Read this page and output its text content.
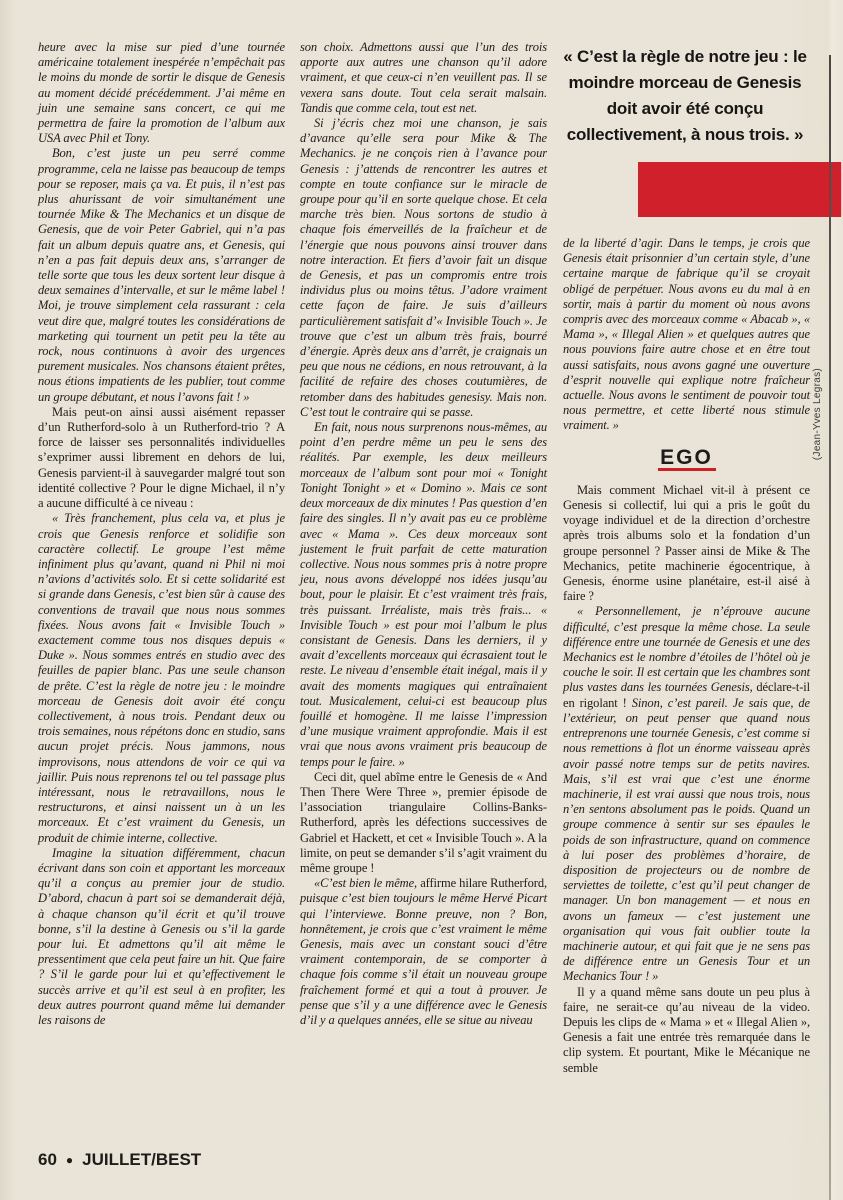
heure avec la mise sur pied d’une tournée américaine totalement inespérée n’empêchait pas le moins du monde de sortir le disque de Genesis au moment décidé précédemment. J’ai même en juin une semaine sans concert, ce qui me permettra de faire la promotion de l’album aux USA avec Phil et Tony.

Bon, c’est juste un peu serré comme programme, cela ne laisse pas beaucoup de temps pour se reposer, mais ça va. Et puis, il n’est pas plus ahurissant de voir simultanément une tournée Mike & The Mechanics et un disque de Genesis, que de voir Peter Gabriel, qui n’a pas fait un album depuis quatre ans, et Genesis, qui n’en a pas fait depuis deux ans, s’arranger de telle sorte que tous les deux sortent leur disque à deux semaines d’intervalle, et sur le même label ! Moi, je trouve simplement cela rassurant : cela veut dire que, malgré toutes les considérations de marketing qui tournent un petit peu la tête au rock, nous continuons à avoir des urgences purement musicales. Nos chansons étaient prêtes, nous étions impatients de les publier, tout comme un groupe débutant, et nous l’avons fait ! »

Mais peut-on ainsi aussi aisément repasser d’un Rutherford-solo à un Rutherford-trio ? A force de laisser ses personnalités individuelles s’exprimer aussi librement en dehors de lui, Genesis parvient-il à sauvegarder malgré tout son identité collective ? Pour le digne Michael, il n’y a aucune difficulté à ce niveau :

« Très franchement, plus cela va, et plus je crois que Genesis renforce et solidifie son caractère collectif. Le groupe l’est même infiniment plus qu’avant, quand ni Phil ni moi n’avions d’activités solo. Et si cette solidarité est si grande dans Genesis, c’est bien sûr à cause des conventions de travail que nous nous sommes fixées. Nous avons fait « Invisible Touch » exactement comme tous nos disques depuis « Duke ». Nous sommes entrés en studio avec des feuilles de papier blanc. Pas une seule chanson de prête. C’est la règle de notre jeu : le moindre morceau de Genesis doit avoir été conçu collectivement, à nous trois. Pendant deux ou trois semaines, nous répétons donc en studio, sans aucun projet précis. Nous jammons, nous improvisons, nous attendons de voir ce qui va jaillir. Puis nous reprenons tel ou tel passage plus intéressant, nous le retravaillons, nous le restructurons, et ainsi naissent un à un les morceaux. Et c’est vraiment du Genesis, un produit de chimie interne, collective.

Imagine la situation différemment, chacun écrivant dans son coin et apportant les morceaux qu’il a conçus au premier jour de studio. D’abord, chacun à part soi se demanderait déjà, à chaque chanson qu’il écrit et qu’il trouve bonne, s’il la destine à Genesis ou s’il la garde pour lui. Et admettons qu’il ait même le pressentiment que cela peut faire un hit. Que faire ? S’il le garde pour lui et qu’effectivement le succès arrive et qu’il est seul à en profiter, les deux autres pourront quand même lui demander les raisons de

son choix. Admettons aussi que l’un des trois apporte aux autres une chanson qu’il adore vraiment, et que ceux-ci n’en veuillent pas. Il se vexera sans doute. Tout cela serait malsain. Tandis que comme cela, tout est net.

Si j’écris chez moi une chanson, je sais d’avance qu’elle sera pour Mike & The Mechanics. je ne conçois rien à l’avance pour Genesis : j’attends de rencontrer les autres et compte en toute confiance sur le miracle de groupe pour qu’il en sorte quelque chose. Et cela marche très bien. Nous sortons de studio à chaque fois émerveillés de la fraîcheur et de l’énergie que nous pouvons ainsi trouver dans notre interaction. Et fiers d’avoir fait un disque de Genesis, et pas un compromis entre trois individus plus ou moins têtus. J’adore vraiment cette façon de faire. Je suis d’ailleurs particulièrement satisfait d’« Invisible Touch ». Je trouve que c’est un album très frais, bourré d’énergie. Après deux ans d’arrêt, je craignais un peu que nous ne cédions, en nous retrouvant, à la facilité de refaire des choses coutumières, de retomber dans des habitudes genesisy. Mais non. C’est tout le contraire qui se passe.

En fait, nous nous surprenons nous-mêmes, au point d’en perdre même un peu le sens des réalités. Par exemple, les deux meilleurs morceaux de l’album sont pour moi « Tonight Tonight Tonight » et « Domino ». Mais ce sont deux morceaux de dix minutes ! Pas question d’en faire des singles. Il n’y avait pas eu ce problème avec « Mama ». Ces deux morceaux sont justement le fruit parfait de cette maturation collective. Nous nous sommes pris à notre propre jeu, nous avons développé nos idées jusqu’au bout, pour le plaisir. Et c’est vraiment très frais, très puissant. Irréaliste, mais très frais... « Invisible Touch » est pour moi l’album le plus consistant de Genesis. Dans les derniers, il y avait d’excellents morceaux qui écrasaient tout le reste. Le niveau d’ensemble était inégal, mais il y avait des moments magiques qui entraînaient tout. Musicalement, celui-ci est beaucoup plus fouillé et homogène. Il me laisse l’impression d’une musique vraiment approfondie. Mais il est vrai que nous avons vraiment pris beaucoup de temps pour le faire. »

Ceci dit, quel abîme entre le Genesis de « And Then There Were Three », premier épisode de l’association triangulaire Collins-Banks-Rutherford, après les défections successives de Gabriel et Hackett, et cet « Invisible Touch ». A la limite, on peut se demander s’il s’agit vraiment du même groupe !

«C’est bien le même, affirme hilare Rutherford, puisque c’est bien toujours le même Hervé Picart qui l’interviewe. Bonne preuve, non ? Bon, honnêtement, je crois que c’est vraiment le même Genesis, mais avec un constant souci d’être vraiment contemporain, de se comporter à chaque fois comme s’il était un nouveau groupe fraîchement formé et qui a tout à prouver. Je pense que s’il y a une différence avec le Genesis d’il y a quelques années, elle se situe au niveau

« C’est la règle de notre jeu : le moindre morceau de Genesis doit avoir été conçu collectivement, à nous trois. »

de la liberté d’agir. Dans le temps, je crois que Genesis était prisonnier d’un certain style, d’une certaine marque de fabrique qu’il se croyait obligé de perpétuer. Nous avons eu du mal à en sortir, mais à partir du moment où nous avons compris avec des morceaux comme « Abacab », « Mama », « Illegal Alien » et quelques autres que nous pouvions faire autre chose et en être tout aussi satisfaits, nous avons gagné une ouverture d’esprit nouvelle qui explique notre fraîcheur actuelle. Nous avons le sentiment de pouvoir tout nous permettre, et cette liberté nous stimule vraiment. »

EGO

Mais comment Michael vit-il à présent ce Genesis si collectif, lui qui a pris le goût du voyage individuel et de la direction d’orchestre après trois albums solo et la fondation d’un groupe personnel ? Passer ainsi de Mike & The Mechanics, petite machinerie égocentrique, à Genesis, énorme usine planétaire, est-il aisé à faire ?

« Personnellement, je n’éprouve aucune difficulté, c’est presque la même chose. La seule différence entre une tournée de Genesis et une des Mechanics est le nombre d’étoiles de l’hôtel où je couche le soir. Il est certain que les chambres sont plus vastes dans les tournées Genesis, déclare-t-il en rigolant ! Sinon, c’est pareil. Je sais que, de l’extérieur, on peut penser que quand nous entreprenons une tournée Genesis, c’est comme si nous remettions à flot un énorme vaisseau après avoir passé notre temps sur de petits navires. Mais, s’il est vrai que c’est une énorme machinerie, il est vrai aussi que nous trois, nous n’en sentons absolument pas le poids. Quand un groupe commence à sentir sur ses épaules le poids de son infrastructure, quand on commence à lui poser des problèmes d’horaire, de disposition de projecteurs ou de nombre de serviettes de toilette, c’est qu’il peut changer de manager. Un bon management — et nous en avons un fameux — c’est justement une organisation qui vous fait oublier toute la machinerie autour, et qui fait que je ne sens pas de différence entre un Genesis Tour et un Mechanics Tour ! »

Il y a quand même sans doute un peu plus à faire, ne serait-ce qu’au niveau de la video. Depuis les clips de « Mama » et « Illegal Alien », Genesis a fait une entrée très remarquée dans le clip system. Et pourtant, Mike le Mécanique ne semble

(Jean-Yves Legras)
60 ● JUILLET/BEST
